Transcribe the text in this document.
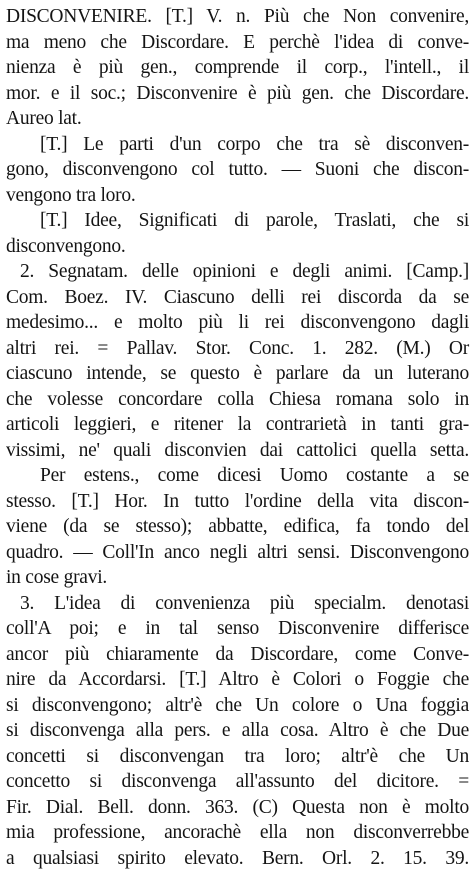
DISCONVENIRE. [T.] V. n. Più che Non convenire,
ma meno che Discordare. E perchè l'idea di conve-
nienza è più gen., comprende il corp., l'intell., il
mor. e il soc.; Disconvenire è più gen. che Discordare.
Aureo lat.
[T.] Le parti d'un corpo che tra sè disconven-
gono, disconvengono col tutto. — Suoni che discon-
vengono tra loro.
[T.] Idee, Significati di parole, Traslati, che si
disconvengono.
2. Segnatam. delle opinioni e degli animi. [Camp.]
Com. Boez. IV. Ciascuno delli rei discorda da se
medesimo... e molto più li rei disconvengono dagli
altri rei. = Pallav. Stor. Conc. 1. 282. (M.) Or
ciascuno intende, se questo è parlare da un luterano
che volesse concordare colla Chiesa romana solo in
articoli leggieri, e ritener la contrarietà in tanti gra-
vissimi, ne' quali disconvien dai cattolici quella setta.
Per estens., come dicesi Uomo costante a se
stesso. [T.] Hor. In tutto l'ordine della vita discon-
viene (da se stesso); abbatte, edifica, fa tondo del
quadro. — Coll'In anco negli altri sensi. Disconvengono
in cose gravi.
3. L'idea di convenienza più specialm. denotasi
coll'A poi; e in tal senso Disconvenire differisce
ancor più chiaramente da Discordare, come Conve-
nire da Accordarsi. [T.] Altro è Colori o Foggie che
si disconvengono; altr'è che Un colore o Una foggia
si disconvenga alla pers. e alla cosa. Altro è che Due
concetti si disconvengan tra loro; altr'è che Un
concetto si disconvenga all'assunto del dicitore. =
Fir. Dial. Bell. donn. 363. (C) Questa non è molto
mia professione, ancorachè ella non disconverrebbe
a qualsiasi spirito elevato. Bern. Orl. 2. 15. 39.
